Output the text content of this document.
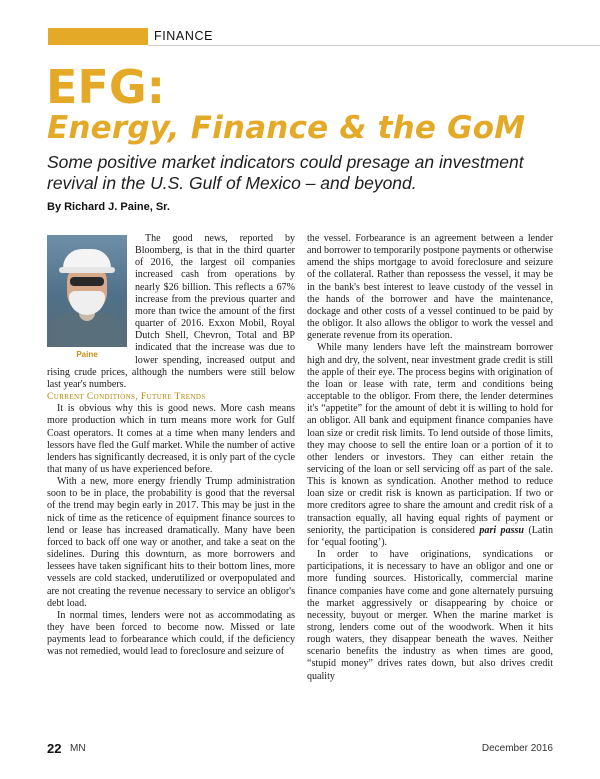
FINANCE
EFG:
Energy, Finance & the GoM

Some positive market indicators could presage an investment revival in the U.S. Gulf of Mexico – and beyond.

By Richard J. Paine, Sr.

Paine

The good news, reported by Bloomberg, is that in the third quarter of 2016, the largest oil companies increased cash from operations by nearly $26 billion. This reflects a 67% increase from the previous quarter and more than twice the amount of the first quarter of 2016. Exxon Mobil, Royal Dutch Shell, Chevron, Total and BP indicated that the increase was due to lower spending, increased output and rising crude prices, although the numbers were still below last year's numbers.

Current Conditions, Future Trends

It is obvious why this is good news. More cash means more production which in turn means more work for Gulf Coast operators. It comes at a time when many lenders and lessors have fled the Gulf market. While the number of active lenders has significantly decreased, it is only part of the cycle that many of us have experienced before.

With a new, more energy friendly Trump administration soon to be in place, the probability is good that the reversal of the trend may begin early in 2017. This may be just in the nick of time as the reticence of equipment finance sources to lend or lease has increased dramatically. Many have been forced to back off one way or another, and take a seat on the sidelines. During this downturn, as more borrowers and lessees have taken significant hits to their bottom lines, more vessels are cold stacked, underutilized or overpopulated and are not creating the revenue necessary to service an obligor's debt load.

In normal times, lenders were not as accommodating as they have been forced to become now. Missed or late payments lead to forbearance which could, if the deficiency was not remedied, would lead to foreclosure and seizure of

the vessel. Forbearance is an agreement between a lender and borrower to temporarily postpone payments or otherwise amend the ships mortgage to avoid foreclosure and seizure of the collateral. Rather than repossess the vessel, it may be in the bank's best interest to leave custody of the vessel in the hands of the borrower and have the maintenance, dockage and other costs of a vessel continued to be paid by the obligor. It also allows the obligor to work the vessel and generate revenue from its operation.

While many lenders have left the mainstream borrower high and dry, the solvent, near investment grade credit is still the apple of their eye. The process begins with origination of the loan or lease with rate, term and conditions being acceptable to the obligor. From there, the lender determines it's “appetite” for the amount of debt it is willing to hold for an obligor. All bank and equipment finance companies have loan size or credit risk limits. To lend outside of those limits, they may choose to sell the entire loan or a portion of it to other lenders or investors. They can either retain the servicing of the loan or sell servicing off as part of the sale. This is known as syndication. Another method to reduce loan size or credit risk is known as participation. If two or more creditors agree to share the amount and credit risk of a transaction equally, all having equal rights of payment or seniority, the participation is considered pari passu (Latin for ‘equal footing’).

In order to have originations, syndications or participations, it is necessary to have an obligor and one or more funding sources. Historically, commercial marine finance companies have come and gone alternately pursuing the market aggressively or disappearing by choice or necessity, buyout or merger. When the marine market is strong, lenders come out of the woodwork. When it hits rough waters, they disappear beneath the waves. Neither scenario benefits the industry as when times are good, “stupid money” drives rates down, but also drives credit quality

22 MN	December 2016
